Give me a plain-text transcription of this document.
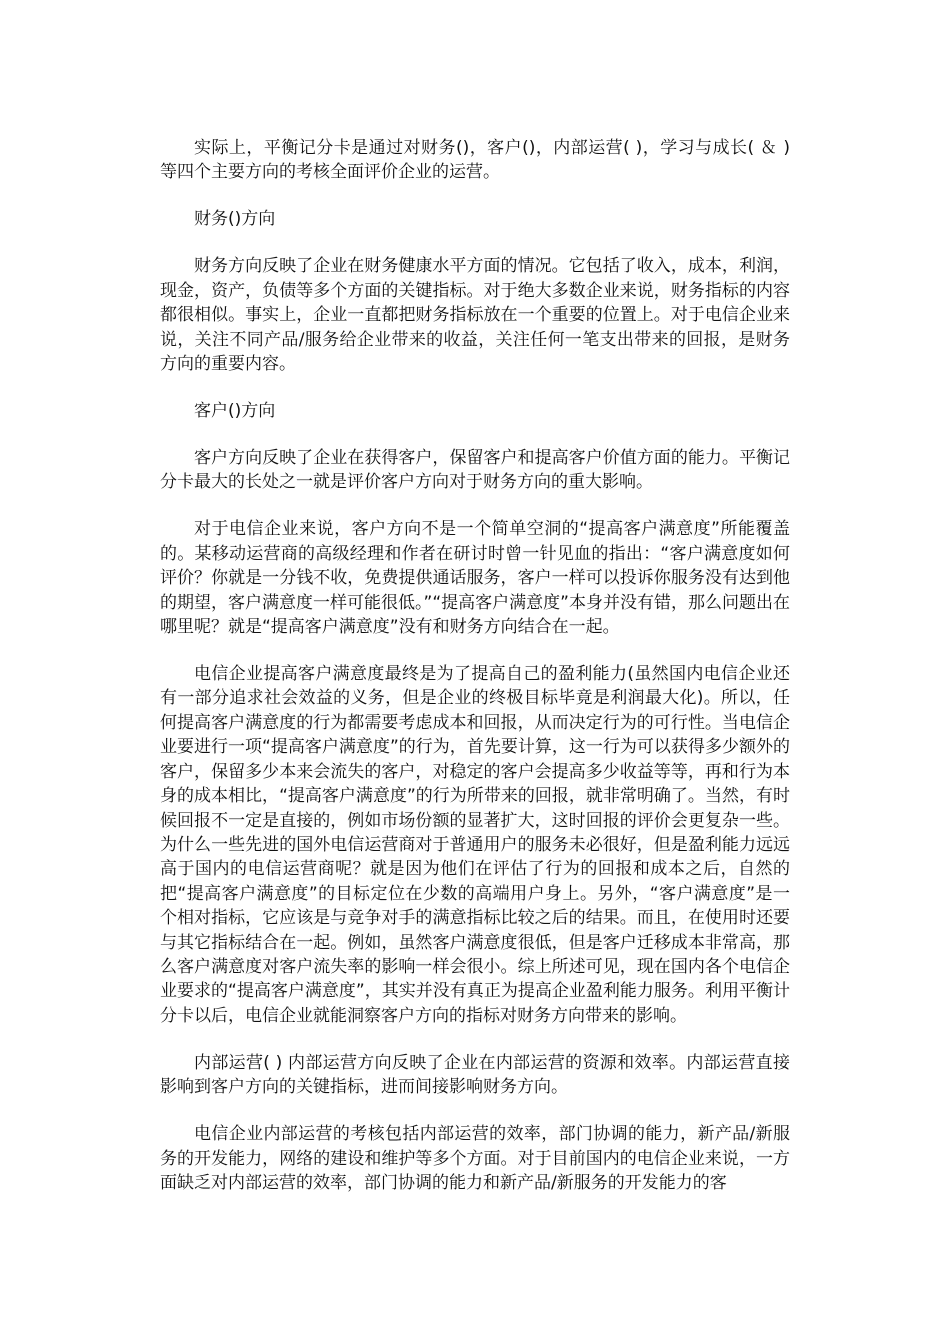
实际上，平衡记分卡是通过对财务()，客户()，内部运营( )，学习与成长( ＆ )等四个主要方向的考核全面评价企业的运营。

财务()方向

财务方向反映了企业在财务健康水平方面的情况。它包括了收入，成本，利润，现金，资产，负债等多个方面的关键指标。对于绝大多数企业来说，财务指标的内容都很相似。事实上，企业一直都把财务指标放在一个重要的位置上。对于电信企业来说，关注不同产品/服务给企业带来的收益，关注任何一笔支出带来的回报，是财务方向的重要内容。

客户()方向

客户方向反映了企业在获得客户，保留客户和提高客户价值方面的能力。平衡记分卡最大的长处之一就是评价客户方向对于财务方向的重大影响。

对于电信企业来说，客户方向不是一个简单空洞的“提高客户满意度”所能覆盖的。某移动运营商的高级经理和作者在研讨时曾一针见血的指出：“客户满意度如何评价？你就是一分钱不收，免费提供通话服务，客户一样可以投诉你服务没有达到他的期望，客户满意度一样可能很低。”“提高客户满意度”本身并没有错，那么问题出在哪里呢？就是“提高客户满意度”没有和财务方向结合在一起。

电信企业提高客户满意度最终是为了提高自己的盈利能力(虽然国内电信企业还有一部分追求社会效益的义务，但是企业的终极目标毕竟是利润最大化)。所以，任何提高客户满意度的行为都需要考虑成本和回报，从而决定行为的可行性。当电信企业要进行一项“提高客户满意度”的行为，首先要计算，这一行为可以获得多少额外的客户，保留多少本来会流失的客户，对稳定的客户会提高多少收益等等，再和行为本身的成本相比，“提高客户满意度”的行为所带来的回报，就非常明确了。当然，有时候回报不一定是直接的，例如市场份额的显著扩大，这时回报的评价会更复杂一些。为什么一些先进的国外电信运营商对于普通用户的服务未必很好，但是盈利能力远远高于国内的电信运营商呢？就是因为他们在评估了行为的回报和成本之后，自然的把“提高客户满意度”的目标定位在少数的高端用户身上。另外，“客户满意度”是一个相对指标，它应该是与竞争对手的满意指标比较之后的结果。而且，在使用时还要与其它指标结合在一起。例如，虽然客户满意度很低，但是客户迁移成本非常高，那么客户满意度对客户流失率的影响一样会很小。综上所述可见，现在国内各个电信企业要求的“提高客户满意度”，其实并没有真正为提高企业盈利能力服务。利用平衡计分卡以后，电信企业就能洞察客户方向的指标对财务方向带来的影响。

内部运营( ) 内部运营方向反映了企业在内部运营的资源和效率。内部运营直接影响到客户方向的关键指标，进而间接影响财务方向。

电信企业内部运营的考核包括内部运营的效率，部门协调的能力，新产品/新服务的开发能力，网络的建设和维护等多个方面。对于目前国内的电信企业来说，一方面缺乏对内部运营的效率，部门协调的能力和新产品/新服务的开发能力的客
